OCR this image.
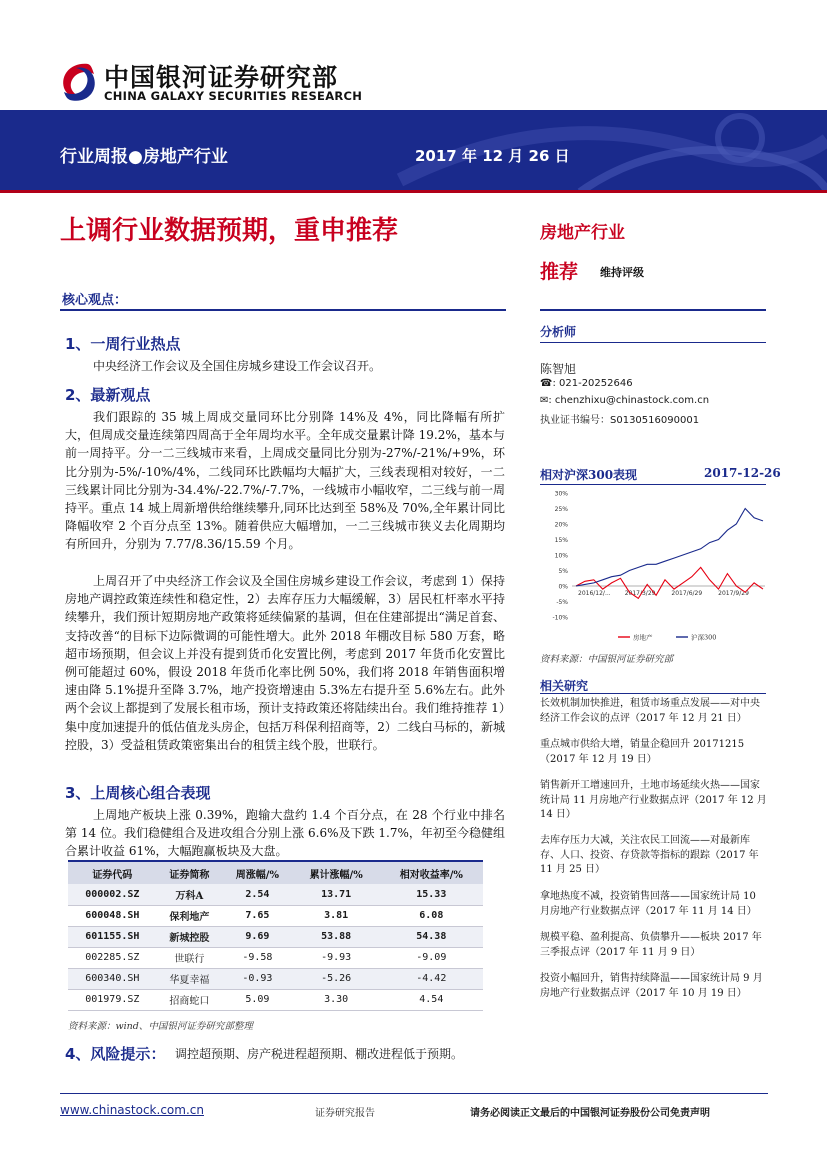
中国银河证券研究部
CHINA GALAXY SECURITIES RESEARCH
行业周报●房地产行业	2017 年 12 月 26 日
上调行业数据预期，重申推荐	房地产行业
推荐 维持评级
核心观点：
1、一周行业热点
中央经济工作会议及全国住房城乡建设工作会议召开。
2、最新观点
我们跟踪的 35 城上周成交量同环比分别降 14%及 4%，同比降幅有所扩大，但周成交量连续第四周高于全年周均水平。全年成交量累计降 19.2%，基本与前一周持平。分一二三线城市来看，上周成交量同比分别为-27%/-21%/+9%，环比分别为-5%/-10%/4%，二线同环比跌幅均大幅扩大，三线表现相对较好，一二三线累计同比分别为-34.4%/-22.7%/-7.7%，一线城市小幅收窄，二三线与前一周持平。重点 14 城上周新增供给继续攀升,同环比达到至 58%及 70%,全年累计同比降幅收窄 2 个百分点至 13%。随着供应大幅增加，一二三线城市狭义去化周期均有所回升，分别为 7.77/8.36/15.59 个月。
上周召开了中央经济工作会议及全国住房城乡建设工作会议，考虑到 1）保持房地产调控政策连续性和稳定性，2）去库存压力大幅缓解，3）居民杠杆率水平持续攀升，我们预计短期房地产政策将延续偏紧的基调，但在住建部提出“满足首套、支持改善“的目标下边际微调的可能性增大。此外 2018 年棚改目标 580 万套，略超市场预期，但会议上并没有提到货币化安置比例，考虑到 2017 年货币化安置比例可能超过 60%，假设 2018 年货币化率比例 50%，我们将 2018 年销售面积增速由降 5.1%提升至降 3.7%，地产投资增速由 5.3%左右提升至 5.6%左右。此外两个会议上都提到了发展长租市场，预计支持政策还将陆续出台。我们维持推荐 1）集中度加速提升的低估值龙头房企，包括万科保利招商等，2）二线白马标的，新城控股，3）受益租赁政策密集出台的租赁主线个股，世联行。
3、上周核心组合表现
上周地产板块上涨 0.39%，跑输大盘约 1.4 个百分点，在 28 个行业中排名第 14 位。我们稳健组合及进攻组合分别上涨 6.6%及下跌 1.7%，年初至今稳健组合累计收益 61%，大幅跑赢板块及大盘。
证券代码	证券简称	周涨幅/%	累计涨幅/%	相对收益率/%
000002.SZ	万科A	2.54	13.71	15.33
600048.SH	保利地产	7.65	3.81	6.08
601155.SH	新城控股	9.69	53.88	54.38
002285.SZ	世联行	-9.58	-9.93	-9.09
600340.SH	华夏幸福	-0.93	-5.26	-4.42
001979.SZ	招商蛇口	5.09	3.30	4.54
资料来源：wind、中国银河证券研究部整理
4、风险提示： 调控超预期、房产税进程超预期、棚改进程低于预期。
分析师
陈智旭
☎: 021-20252646
✉: chenzhixu@chinastock.com.cn
执业证书编号：S0130516090001
相对沪深300表现	2017-12-26
30%
25%
20%
15%
10%
5%
0%
-5%
-10%
2016/12/... 2017/3/29	2017/6/29	2017/9/29
房地产	沪深300
资料来源：中国银河证券研究部
相关研究
长效机制加快推进，租赁市场重点发展——对中央经济工作会议的点评（2017 年 12 月 21 日）
重点城市供给大增，销量企稳回升 20171215（2017 年 12 月 19 日）
销售新开工增速回升，土地市场延续火热——国家统计局 11 月房地产行业数据点评（2017 年 12 月 14 日）
去库存压力大减，关注农民工回流——对最新库存、人口、投资、存贷款等指标的跟踪（2017 年 11 月 25 日）
拿地热度不减，投资销售回落——国家统计局 10 月房地产行业数据点评（2017 年 11 月 14 日）
规模平稳、盈利提高、负债攀升——板块 2017 年三季报点评（2017 年 11 月 9 日）
投资小幅回升，销售持续降温——国家统计局 9 月房地产行业数据点评（2017 年 10 月 19 日）
www.chinastock.com.cn	证券研究报告	请务必阅读正文最后的中国银河证券股份公司免责声明
